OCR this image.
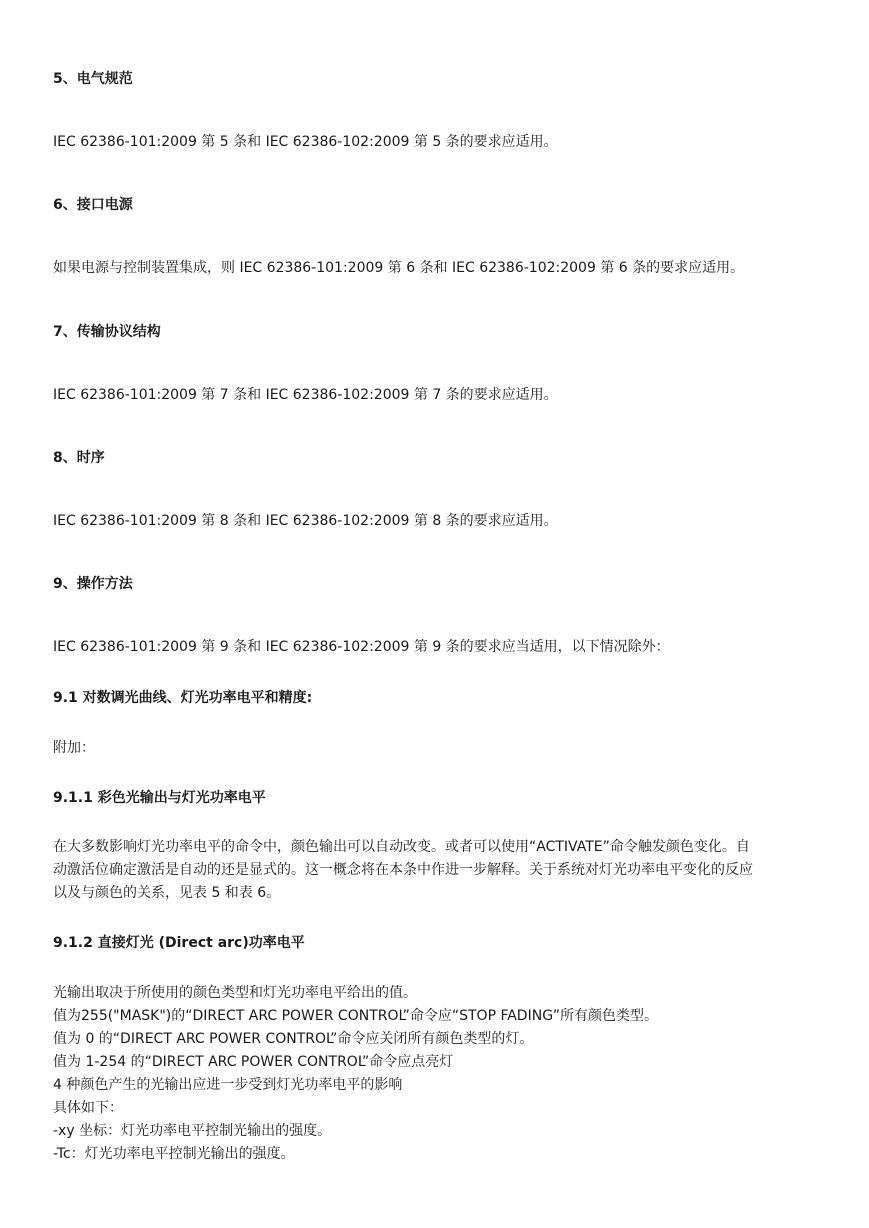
5、电气规范
IEC 62386-101:2009 第 5 条和 IEC 62386-102:2009 第 5 条的要求应适用。
6、接口电源
如果电源与控制装置集成，则 IEC 62386-101:2009 第 6 条和 IEC 62386-102:2009 第 6 条的要求应适用。
7、传输协议结构
IEC 62386-101:2009 第 7 条和 IEC 62386-102:2009 第 7 条的要求应适用。
8、时序
IEC 62386-101:2009 第 8 条和 IEC 62386-102:2009 第 8 条的要求应适用。
9、操作方法
IEC 62386-101:2009 第 9 条和 IEC 62386-102:2009 第 9 条的要求应当适用，以下情况除外：
9.1 对数调光曲线、灯光功率电平和精度:
附加：
9.1.1 彩色光输出与灯光功率电平
在大多数影响灯光功率电平的命令中，颜色输出可以自动改变。或者可以使用“ACTIVATE”命令触发颜色变化。自
动激活位确定激活是自动的还是显式的。这一概念将在本条中作进一步解释。关于系统对灯光功率电平变化的反应
以及与颜色的关系，见表 5 和表 6。
9.1.2 直接灯光 (Direct arc)功率电平
光输出取决于所使用的颜色类型和灯光功率电平给出的值。
值为255("MASK")的“DIRECT ARC POWER CONTROL”命令应“STOP FADING”所有颜色类型。
值为 0 的“DIRECT ARC POWER CONTROL”命令应关闭所有颜色类型的灯。
值为 1-254 的“DIRECT ARC POWER CONTROL”命令应点亮灯
4 种颜色产生的光输出应进一步受到灯光功率电平的影响
具体如下：
-xy 坐标：灯光功率电平控制光输出的强度。
-Tc：灯光功率电平控制光输出的强度。
